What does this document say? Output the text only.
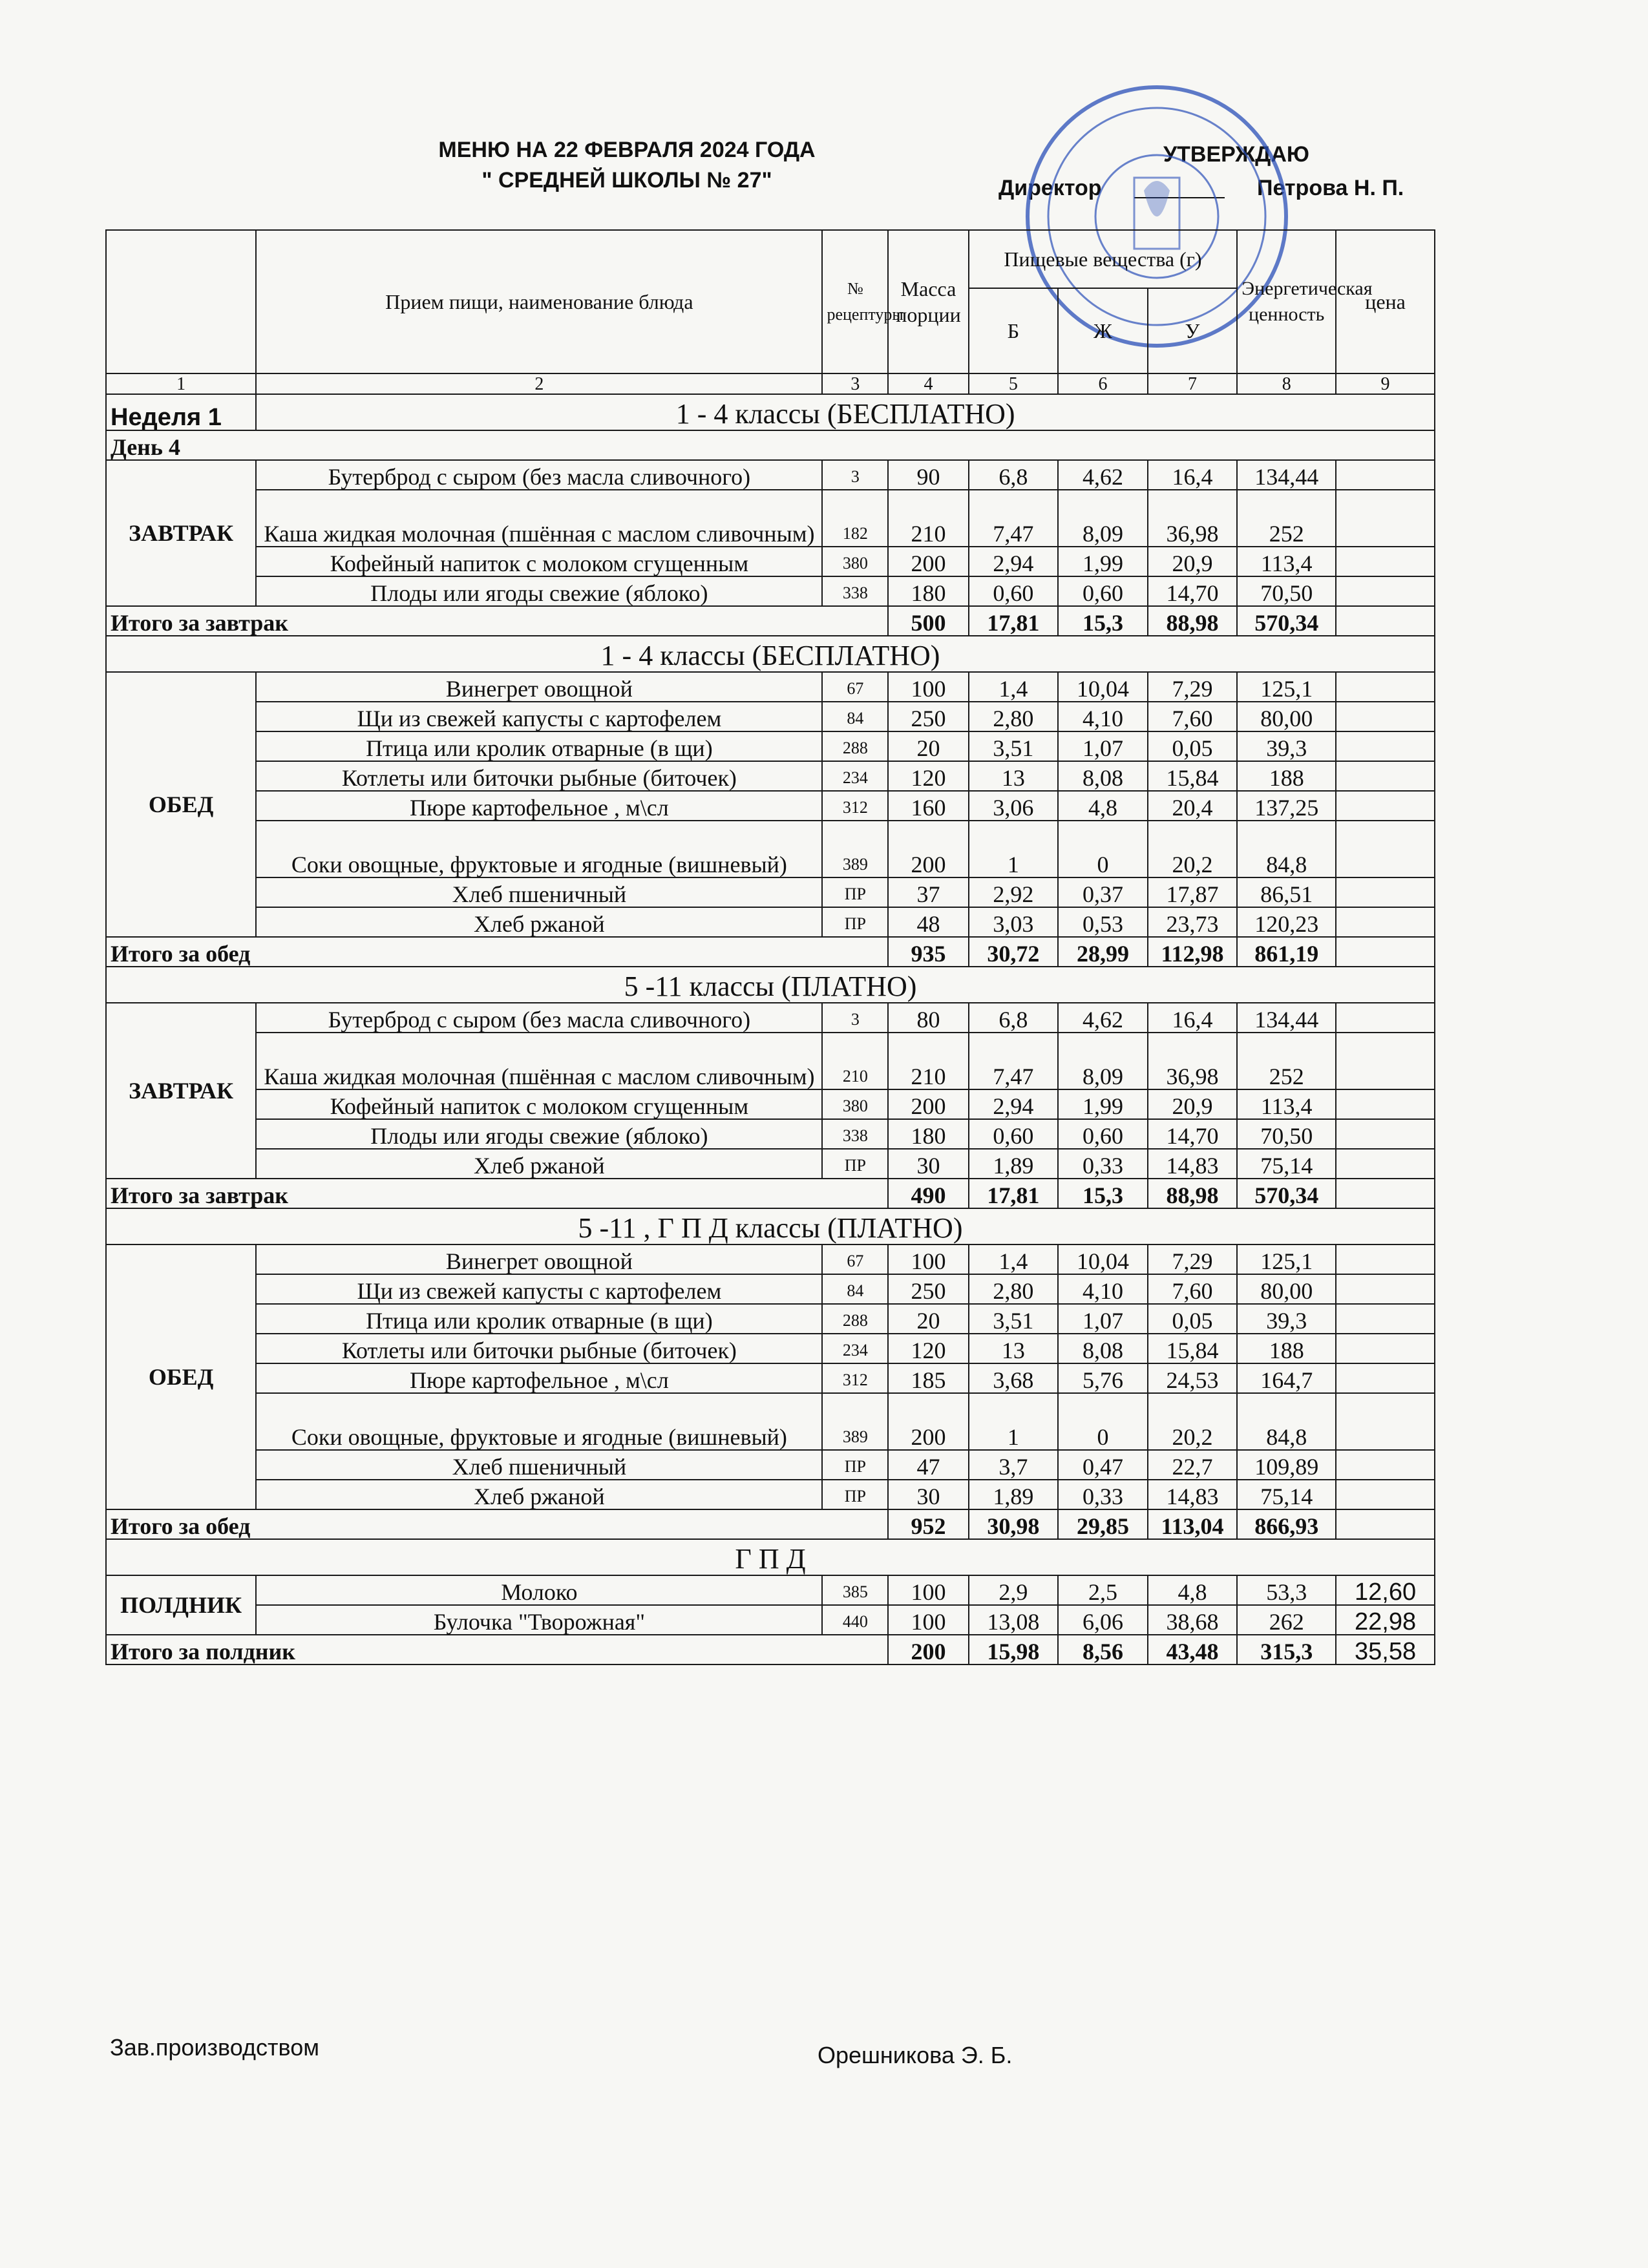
МЕНЮ НА 22 ФЕВРАЛЯ 2024 ГОДА
" СРЕДНЕЙ ШКОЛЫ № 27"
УТВЕРЖДАЮ
Директор	Петрова Н. П.
	Прием пищи, наименование блюда	№ рецептуры	Масса порции	Пищевые вещества (г)			Энергетическая ценность	цена
				Б	Ж	У		
1	2	3	4	5	6	7	8	9
Неделя 1	1 - 4 классы (БЕСПЛАТНО)							
День 4								
ЗАВТРАК	Бутерброд с сыром (без масла сливочного)	3	90	6,8	4,62	16,4	134,44	
	Каша жидкая молочная (пшённая с маслом сливочным)	182	210	7,47	8,09	36,98	252	
	Кофейный напиток с молоком сгущенным	380	200	2,94	1,99	20,9	113,4	
	Плоды или ягоды свежие (яблоко)	338	180	0,60	0,60	14,70	70,50	
Итого за завтрак			500	17,81	15,3	88,98	570,34	
1 - 4 классы (БЕСПЛАТНО)								
ОБЕД	Винегрет овощной	67	100	1,4	10,04	7,29	125,1	
	Щи из свежей капусты с картофелем	84	250	2,80	4,10	7,60	80,00	
	Птица или кролик отварные (в щи)	288	20	3,51	1,07	0,05	39,3	
	Котлеты или биточки рыбные (биточек)	234	120	13	8,08	15,84	188	
	Пюре картофельное , м\сл	312	160	3,06	4,8	20,4	137,25	
	Соки овощные, фруктовые и ягодные (вишневый)	389	200	1	0	20,2	84,8	
	Хлеб пшеничный	ПР	37	2,92	0,37	17,87	86,51	
	Хлеб ржаной	ПР	48	3,03	0,53	23,73	120,23	
Итого за обед			935	30,72	28,99	112,98	861,19	
5 -11 классы (ПЛАТНО)								
ЗАВТРАК	Бутерброд с сыром (без масла сливочного)	3	80	6,8	4,62	16,4	134,44	
	Каша жидкая молочная (пшённая с маслом сливочным)	210	210	7,47	8,09	36,98	252	
	Кофейный напиток с молоком сгущенным	380	200	2,94	1,99	20,9	113,4	
	Плоды или ягоды свежие (яблоко)	338	180	0,60	0,60	14,70	70,50	
	Хлеб ржаной	ПР	30	1,89	0,33	14,83	75,14	
Итого за завтрак			490	17,81	15,3	88,98	570,34	
5 -11 , Г П Д классы (ПЛАТНО)								
ОБЕД	Винегрет овощной	67	100	1,4	10,04	7,29	125,1	
	Щи из свежей капусты с картофелем	84	250	2,80	4,10	7,60	80,00	
	Птица или кролик отварные (в щи)	288	20	3,51	1,07	0,05	39,3	
	Котлеты или биточки рыбные (биточек)	234	120	13	8,08	15,84	188	
	Пюре картофельное , м\сл	312	185	3,68	5,76	24,53	164,7	
	Соки овощные, фруктовые и ягодные (вишневый)	389	200	1	0	20,2	84,8	
	Хлеб пшеничный	ПР	47	3,7	0,47	22,7	109,89	
	Хлеб ржаной	ПР	30	1,89	0,33	14,83	75,14	
Итого за обед			952	30,98	29,85	113,04	866,93	
Г П Д								
ПОЛДНИК	Молоко	385	100	2,9	2,5	4,8	53,3	12,60
	Булочка "Творожная"	440	100	13,08	6,06	38,68	262	22,98
Итого за полдник			200	15,98	8,56	43,48	315,3	35,58
Зав.производством	Орешникова Э. Б.
